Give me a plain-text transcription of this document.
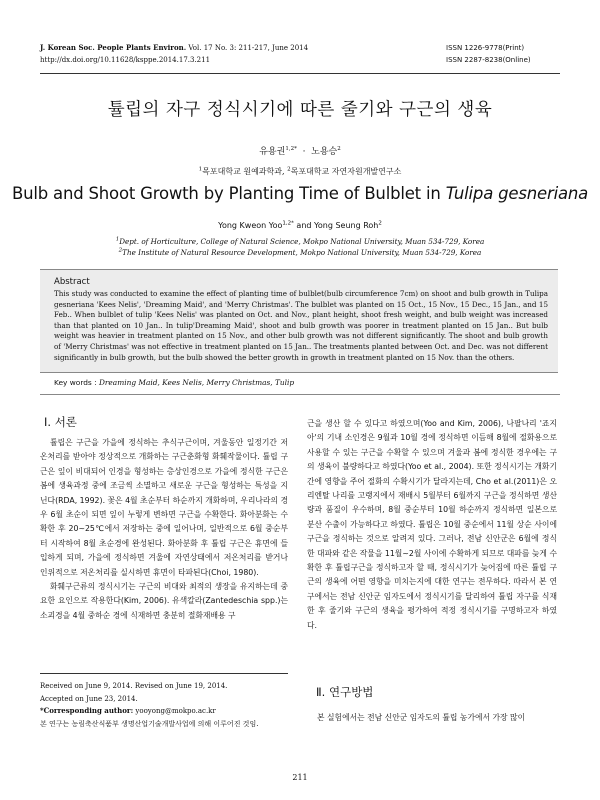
J. Korean Soc. People Plants Environ. Vol. 17 No. 3: 211-217, June 2014
http://dx.doi.org/10.11628/ksppe.2014.17.3.211
ISSN 1226-9778(Print)
ISSN 2287-8238(Online)
튤립의 자구 정식시기에 따른 줄기와 구근의 생육
유용권$^{1,2*}$ · 노용승$^2$
$^1$목포대학교 원예과학과, $^2$목포대학교 자연자원개발연구소
Bulb and Shoot Growth by Planting Time of Bulblet in Tulipa gesneriana
Yong Kweon Yoo$^{1,2*}$ and Yong Seung Roh$^2$
$^1$Dept. of Horticulture, College of Natural Science, Mokpo National University, Muan 534-729, Korea
$^2$The Institute of Natural Resource Development, Mokpo National University, Muan 534-729, Korea
Abstract
This study was conducted to examine the effect of planting time of bulblet(bulb circumference 7cm) on shoot and bulb growth in Tulipa gesneriana 'Kees Nelis', 'Dreaming Maid', and 'Merry Christmas'. The bulblet was planted on 15 Oct., 15 Nov., 15 Dec., 15 Jan., and 15 Feb.. When bulblet of tulip 'Kees Nelis' was planted on Oct. and Nov., plant height, shoot fresh weight, and bulb weight was increased than that planted on 10 Jan.. In tulip'Dreaming Maid', shoot and bulb growth was poorer in treatment planted on 15 Jan.. But bulb weight was heavier in treatment planted on 15 Nov., and other bulb growth was not different significantly. The shoot and bulb growth of 'Merry Christmas' was not effective in treatment planted on 15 Jan.. The treatments planted between Oct. and Dec. was not different significantly in bulb growth, but the bulb showed the better growth in growth in treatment planted on 15 Nov. than the others.
Key words : Dreaming Maid, Kees Nelis, Merry Christmas, Tulip
Ⅰ. 서론

튤립은 구근을 가을에 정식하는 추식구근이며, 겨울동안 일정기간 저온처리를 받아야 정상적으로 개화하는 구근춘화형 화훼작물이다. 튤립 구근은 잎이 비대되어 인경을 형성하는 층상인경으로 가을에 정식한 구근은 봄에 생육과정 중에 조금씩 소멸하고 새로운 구근을 형성하는 특성을 지닌다(RDA, 1992). 꽃은 4월 초순부터 하순까지 개화하며, 우리나라의 경우 6월 초순이 되면 잎이 누렇게 변하면 구근을 수확한다. 화아분화는 수확한 후 20~25℃에서 저장하는 중에 일어나며, 일반적으로 6월 중순부터 시작하여 8월 초순경에 완성된다. 화아분화 후 튤립 구근은 휴면에 들입하게 되며, 가을에 정식하면 겨울에 자연상태에서 저온처리를 받거나 인위적으로 저온처리를 실시하면 휴면이 타파된다(Choi, 1980).

화훼구근류의 정식시기는 구근의 비대와 최적의 생장을 유지하는데 중요한 요인으로 작용한다(Kim, 2006). 유색칼라(Zantedeschia spp.)는 소괴경을 4월 중하순 경에 식재하면 충분히 절화재배용 구

근을 생산 할 수 있다고 하였으며(Yoo and Kim, 2006), 나팔나리 '죠지아'의 기내 소인경은 9월과 10월 경에 정식하면 이듬해 8월에 절화용으로 사용할 수 있는 구근을 수확할 수 있으며 겨울과 봄에 정식한 경우에는 구의 생육이 불량하다고 하였다(Yoo et al., 2004). 또한 정식시기는 개화기간에 영향을 주어 절화의 수확시기가 달라지는데, Cho et al.(2011)은 오리엔탈 나리를 고랭지에서 재배시 5월부터 6월까지 구근을 정식하면 생산량과 품질이 우수하며, 8월 중순부터 10월 하순까지 정식하면 일본으로 분산 수출이 가능하다고 하였다. 튤립은 10월 중순에서 11월 상순 사이에 구근을 정식하는 것으로 알려져 있다. 그러나, 전남 신안군은 6월에 정식한 대파와 같은 작물을 11월~2월 사이에 수확하게 되므로 대파를 늦게 수확한 후 튤립구근을 정식하고자 할 때, 정식시기가 늦어짐에 따른 튤립 구근의 생육에 어떤 영향을 미치는지에 대한 연구는 전무하다. 따라서 본 연구에서는 전남 신안군 임자도에서 정식시기를 달리하여 튤립 자구를 식재한 후 줄기와 구근의 생육을 평가하여 적정 정식시기를 구명하고자 하였다.

Ⅱ. 연구방법

본 실험에서는 전남 신안군 임자도의 튤립 농가에서 가장 많이

Received on June 9, 2014. Revised on June 19, 2014.
Accepted on June 23, 2014.
*Corresponding author: yooyong@mokpo.ac.kr
본 연구는 농림축산식품부 생명산업기술개발사업에 의해 이루어진 것임.
211
